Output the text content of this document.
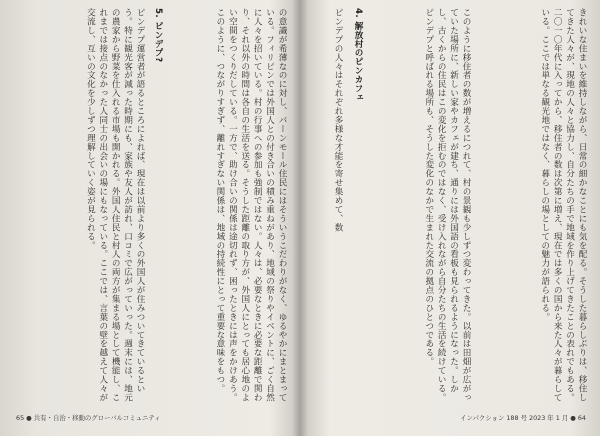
の意識が希薄なのに対し、バーンモール住民にはそういうこだわりがなく、ゆるやかにまとまっている。フィリピンでは外国人との付き合いの積み重ねがあり、地域の祭りやイベントに、ごく自然に人々を招いている。村の行事への参加も強制ではない。人々は、必要なときに必要な距離で関わり、それ以外の時間は各自の生活を送る。そうした距離の取り方が、外国人にとっても居心地のよい空間をつくりだしている。一方で、助け合いの関係は途切れず、困ったときには声をかけあう。このように、つながりすぎず、離れすぎない関係は、地域の持続性にとって重要な意味をもつ。
5. ピンデプ?
ピンデプ運営者が語るところによれば、現在は以前より多くの外国人が住みついてきているという。特に観光客が減った時期にも、家族や友人が訪れ、口コミで広がっていった。週末には、地元の農家から野菜を仕入れる市場も開かれる。外国人住民と村人の両方が集まる場として機能し、これまでは接点のなかった人同士の出会いの場にもなっている。ここでは、言葉の壁を越えて人々が交流し、互いの文化を少しずつ理解していく姿が見られる。
65 ● 共有・自治・移動のグローバルコミュニティ
きれいな住まいを維持しながら、日常の細かなことにも気を配る。そうした暮らしぶりは、移住してきた人々が、現地の人々と協力し、自分たちの手で地域を作り上げてきたことの表れでもある。二〇一〇年代に入ってから、移住者の数は次第に増え、現在では多くの国から来た人々が暮らしている。ここでは単なる観光地ではなく、暮らしの場としての魅力が語られる。
このように移住者の数が増えるにつれて、村の景観も少しずつ変わってきた。以前は田畑が広がっていた場所に、新しい家やカフェが建ち、通りには外国語の看板も見られるようになった。しかし、古くからの住民はこの変化を拒むのではなく、受け入れながら自分たちの生活を続けている。ピンデプと呼ばれる場所も、そうした変化のなかで生まれた交流の拠点のひとつである。
4. 解放村のピンカフェ
ピンデプの人々はそれぞれ多様な才能を寄せ集めて、数
インパクション 188 号 2023 年 1 月 ● 64
